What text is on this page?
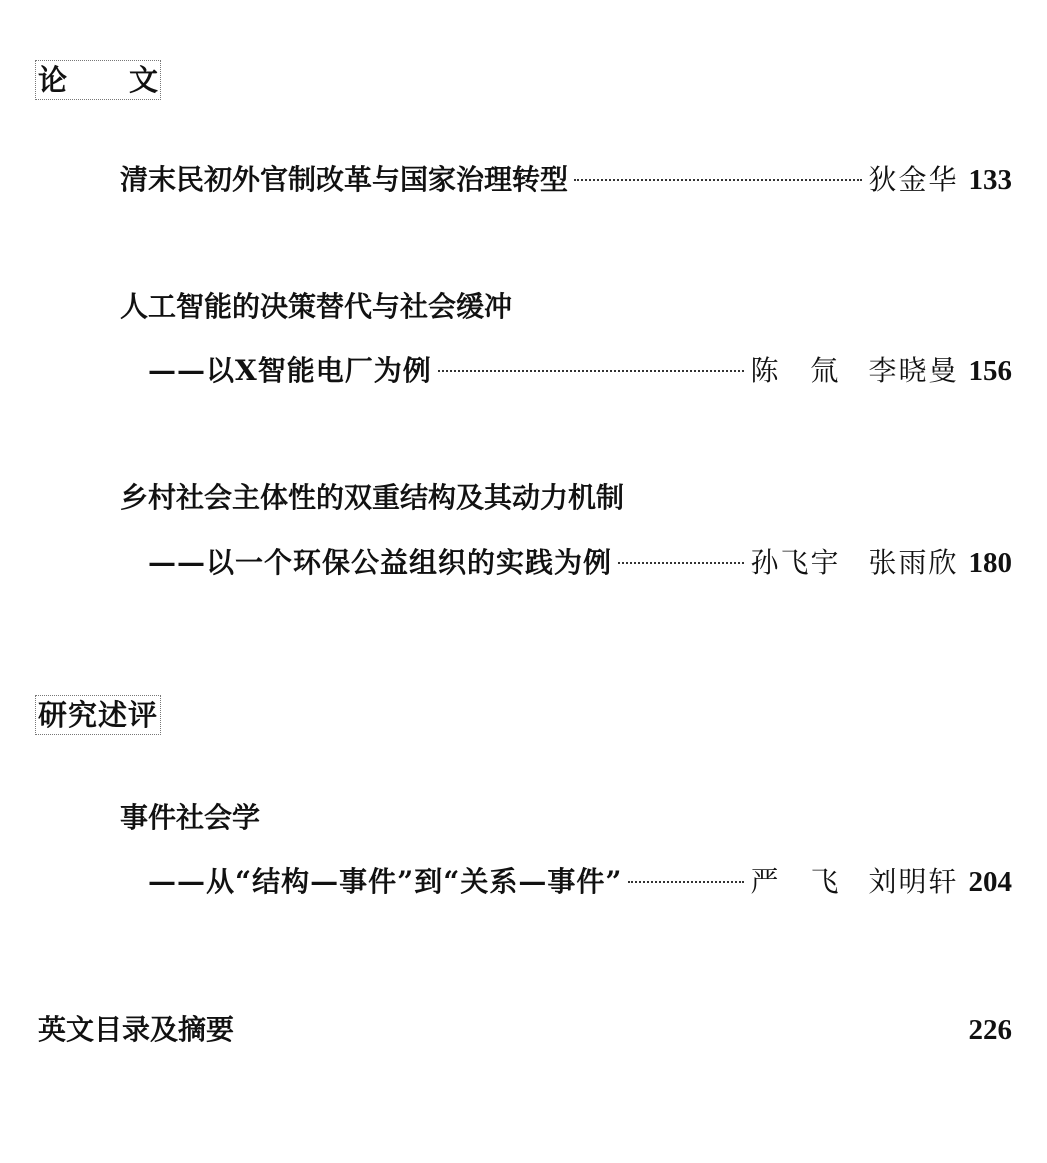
论 文
清末民初外官制改革与国家治理转型	狄金华 133
人工智能的决策替代与社会缓冲
——以X智能电厂为例	陈　氚 李晓曼 156
乡村社会主体性的双重结构及其动力机制
——以一个环保公益组织的实践为例	孙飞宇 张雨欣 180
研究述评
事件社会学
——从“结构—事件”到“关系—事件”	严　飞 刘明轩 204
英文目录及摘要	226
